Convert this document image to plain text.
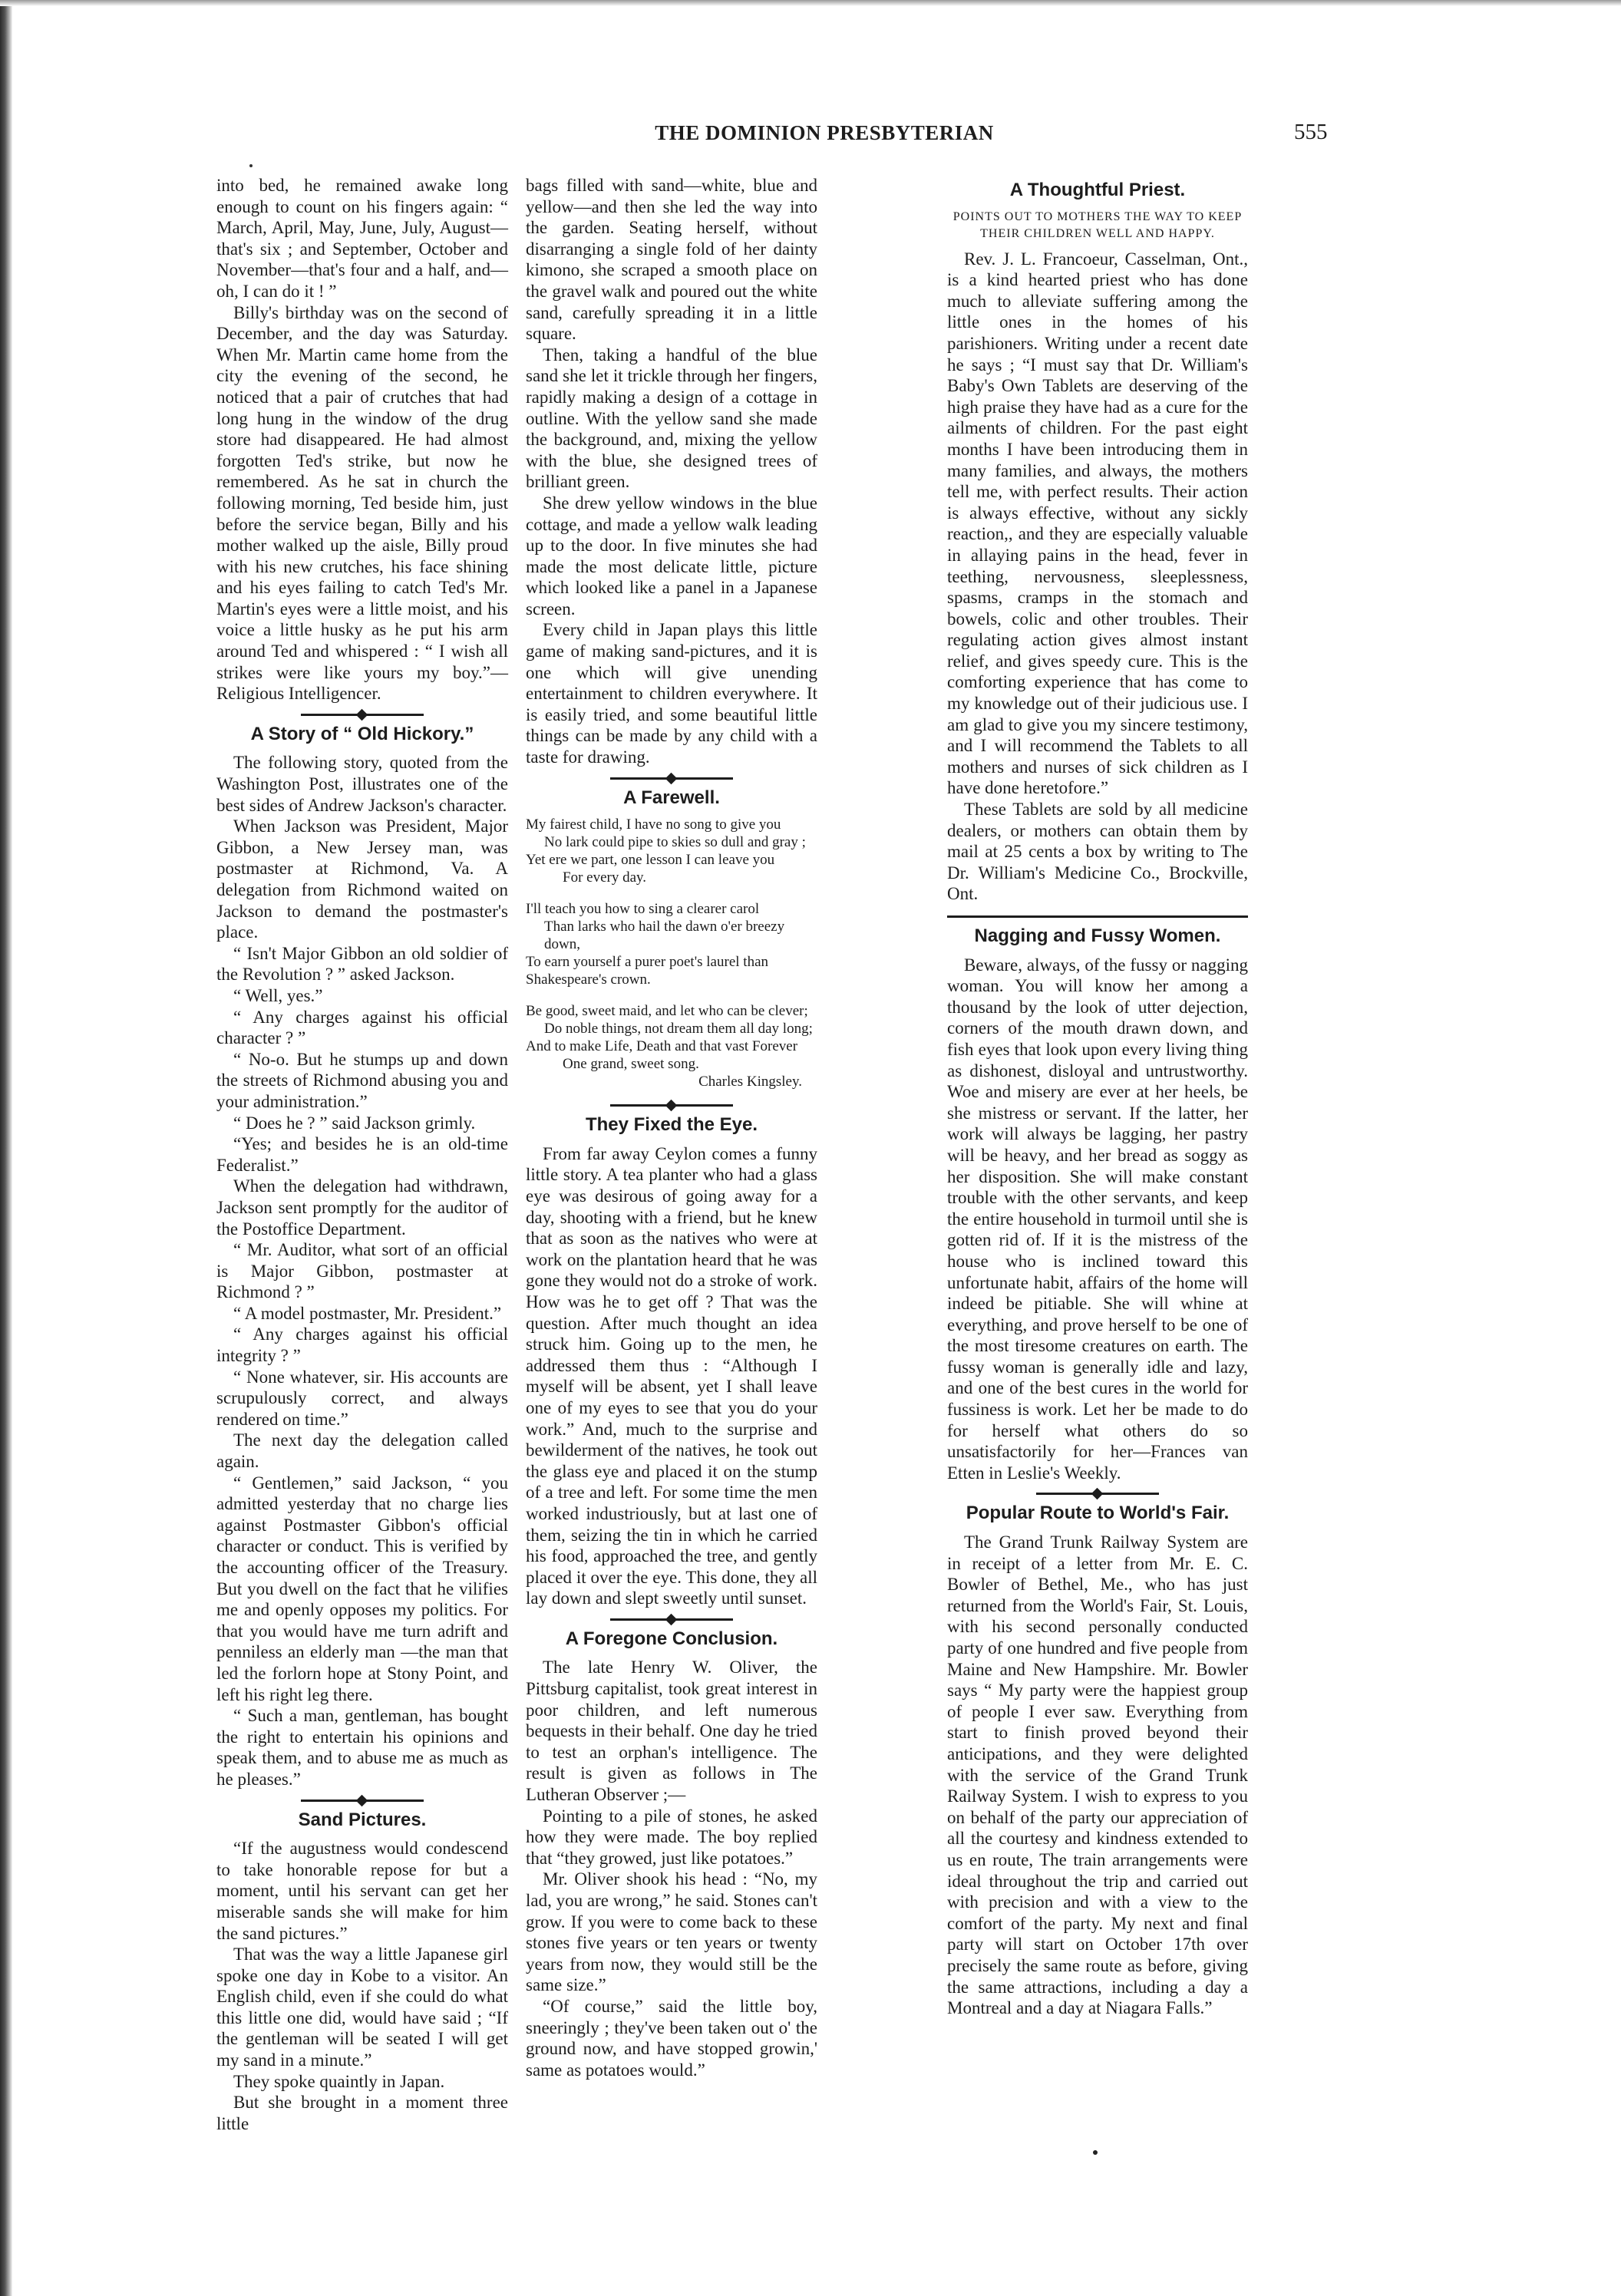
THE DOMINION PRESBYTERIAN	555

into bed, he remained awake long enough to count on his fingers again: “ March, April, May, June, July, August—that's six ; and September, October and November—that's four and a half, and—oh, I can do it ! ”

Billy's birthday was on the second of December, and the day was Saturday. When Mr. Martin came home from the city the evening of the second, he noticed that a pair of crutches that had long hung in the window of the drug store had disappeared. He had almost forgotten Ted's strike, but now he remembered. As he sat in church the following morning, Ted beside him, just before the service began, Billy and his mother walked up the aisle, Billy proud with his new crutches, his face shining and his eyes failing to catch Ted's Mr. Martin's eyes were a little moist, and his voice a little husky as he put his arm around Ted and whispered : “ I wish all strikes were like yours my boy.”—Religious Intelligencer.

A Story of “ Old Hickory.”

The following story, quoted from the Washington Post, illustrates one of the best sides of Andrew Jackson's character.

When Jackson was President, Major Gibbon, a New Jersey man, was postmaster at Richmond, Va. A delegation from Richmond waited on Jackson to demand the postmaster's place.

“ Isn't Major Gibbon an old soldier of the Revolution ? ” asked Jackson.

“ Well, yes.”

“ Any charges against his official character ? ”

“ No-o. But he stumps up and down the streets of Richmond abusing you and your administration.”

“ Does he ? ” said Jackson grimly.

“Yes; and besides he is an old-time Federalist.”

When the delegation had withdrawn, Jackson sent promptly for the auditor of the Postoffice Department.

“ Mr. Auditor, what sort of an official is Major Gibbon, postmaster at Richmond ? ”

“ A model postmaster, Mr. President.”

“ Any charges against his official integrity ? ”

“ None whatever, sir. His accounts are scrupulously correct, and always rendered on time.”

The next day the delegation called again.

“ Gentlemen,” said Jackson, “ you admitted yesterday that no charge lies against Postmaster Gibbon's official character or conduct. This is verified by the accounting officer of the Treasury. But you dwell on the fact that he vilifies me and openly opposes my politics. For that you would have me turn adrift and penniless an elderly man —the man that led the forlorn hope at Stony Point, and left his right leg there.

“ Such a man, gentleman, has bought the right to entertain his opinions and speak them, and to abuse me as much as he pleases.”

Sand Pictures.

“If the augustness would condescend to take honorable repose for but a moment, until his servant can get her miserable sands she will make for him the sand pictures.”

That was the way a little Japanese girl spoke one day in Kobe to a visitor. An English child, even if she could do what this little one did, would have said ; “If the gentleman will be seated I will get my sand in a minute.”

They spoke quaintly in Japan.

But she brought in a moment three little

bags filled with sand—white, blue and yellow—and then she led the way into the garden. Seating herself, without disarranging a single fold of her dainty kimono, she scraped a smooth place on the gravel walk and poured out the white sand, carefully spreading it in a little square.

Then, taking a handful of the blue sand she let it trickle through her fingers, rapidly making a design of a cottage in outline. With the yellow sand she made the background, and, mixing the yellow with the blue, she designed trees of brilliant green.

She drew yellow windows in the blue cottage, and made a yellow walk leading up to the door. In five minutes she had made the most delicate little, picture which looked like a panel in a Japanese screen.

Every child in Japan plays this little game of making sand-pictures, and it is one which will give unending entertainment to children everywhere. It is easily tried, and some beautiful little things can be made by any child with a taste for drawing.

A Farewell.
My fairest child, I have no song to give you
No lark could pipe to skies so dull and gray ;
Yet ere we part, one lesson I can leave you
For every day.
I'll teach you how to sing a clearer carol
Than larks who hail the dawn o'er breezy down,
To earn yourself a purer poet's laurel than Shakespeare's crown.
Be good, sweet maid, and let who can be clever;
Do noble things, not dream them all day long;
And to make Life, Death and that vast Forever
One grand, sweet song.
Charles Kingsley.
They Fixed the Eye.

From far away Ceylon comes a funny little story. A tea planter who had a glass eye was desirous of going away for a day, shooting with a friend, but he knew that as soon as the natives who were at work on the plantation heard that he was gone they would not do a stroke of work. How was he to get off ? That was the question. After much thought an idea struck him. Going up to the men, he addressed them thus : “Although I myself will be absent, yet I shall leave one of my eyes to see that you do your work.” And, much to the surprise and bewilderment of the natives, he took out the glass eye and placed it on the stump of a tree and left. For some time the men worked industriously, but at last one of them, seizing the tin in which he carried his food, approached the tree, and gently placed it over the eye. This done, they all lay down and slept sweetly until sunset.

A Foregone Conclusion.

The late Henry W. Oliver, the Pittsburg capitalist, took great interest in poor children, and left numerous bequests in their behalf. One day he tried to test an orphan's intelligence. The result is given as follows in The Lutheran Observer ;—

Pointing to a pile of stones, he asked how they were made. The boy replied that “they growed, just like potatoes.”

Mr. Oliver shook his head : “No, my lad, you are wrong,” he said. Stones can't grow. If you were to come back to these stones five years or ten years or twenty years from now, they would still be the same size.”

“Of course,” said the little boy, sneeringly ; they've been taken out o' the ground now, and have stopped growin,' same as potatoes would.”

A Thoughtful Priest.
POINTS OUT TO MOTHERS THE WAY TO KEEP THEIR CHILDREN WELL AND HAPPY.

Rev. J. L. Francoeur, Casselman, Ont., is a kind hearted priest who has done much to alleviate suffering among the little ones in the homes of his parishioners. Writing under a recent date he says ; “I must say that Dr. William's Baby's Own Tablets are deserving of the high praise they have had as a cure for the ailments of children. For the past eight months I have been introducing them in many families, and always, the mothers tell me, with perfect results. Their action is always effective, without any sickly reaction,, and they are especially valuable in allaying pains in the head, fever in teething, nervousness, sleeplessness, spasms, cramps in the stomach and bowels, colic and other troubles. Their regulating action gives almost instant relief, and gives speedy cure. This is the comforting experience that has come to my knowledge out of their judicious use. I am glad to give you my sincere testimony, and I will recommend the Tablets to all mothers and nurses of sick children as I have done heretofore.”

These Tablets are sold by all medicine dealers, or mothers can obtain them by mail at 25 cents a box by writing to The Dr. William's Medicine Co., Brockville, Ont.

Nagging and Fussy Women.

Beware, always, of the fussy or nagging woman. You will know her among a thousand by the look of utter dejection, corners of the mouth drawn down, and fish eyes that look upon every living thing as dishonest, disloyal and untrustworthy. Woe and misery are ever at her heels, be she mistress or servant. If the latter, her work will always be lagging, her pastry will be heavy, and her bread as soggy as her disposition. She will make constant trouble with the other servants, and keep the entire household in turmoil until she is gotten rid of. If it is the mistress of the house who is inclined toward this unfortunate habit, affairs of the home will indeed be pitiable. She will whine at everything, and prove herself to be one of the most tiresome creatures on earth. The fussy woman is generally idle and lazy, and one of the best cures in the world for fussiness is work. Let her be made to do for herself what others do so unsatisfactorily for her—Frances van Etten in Leslie's Weekly.

Popular Route to World's Fair.

The Grand Trunk Railway System are in receipt of a letter from Mr. E. C. Bowler of Bethel, Me., who has just returned from the World's Fair, St. Louis, with his second personally conducted party of one hundred and five people from Maine and New Hampshire. Mr. Bowler says “ My party were the happiest group of people I ever saw. Everything from start to finish proved beyond their anticipations, and they were delighted with the service of the Grand Trunk Railway System. I wish to express to you on behalf of the party our appreciation of all the courtesy and kindness extended to us en route, The train arrangements were ideal throughout the trip and carried out with precision and with a view to the comfort of the party. My next and final party will start on October 17th over precisely the same route as before, giving the same attractions, including a day a Montreal and a day at Niagara Falls.”
